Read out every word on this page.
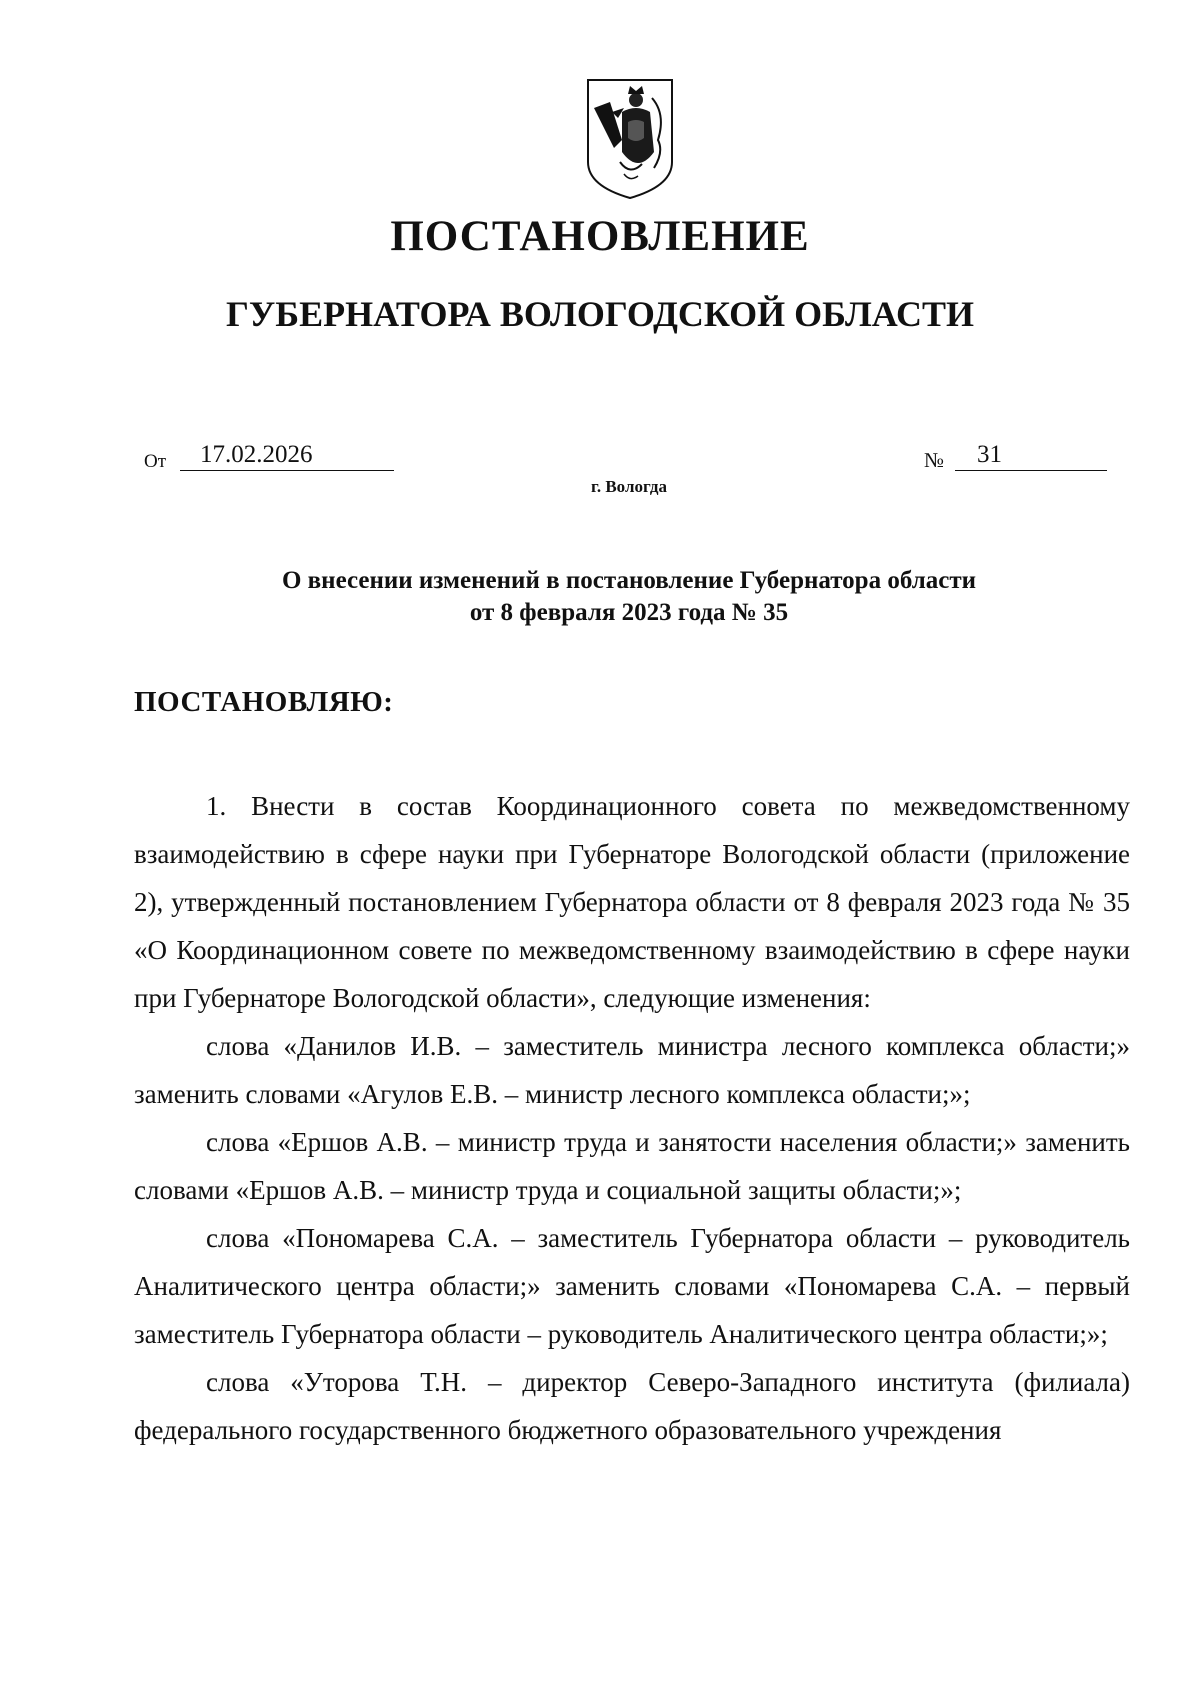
ПОСТАНОВЛЕНИЕ
ГУБЕРНАТОРА ВОЛОГОДСКОЙ ОБЛАСТИ
От	17.02.2026	№	31
г. Вологда
О внесении изменений в постановление Губернатора области
от 8 февраля 2023 года № 35
ПОСТАНОВЛЯЮ:

1. Внести в состав Координационного совета по межведомственному взаимодействию в сфере науки при Губернаторе Вологодской области (приложение 2), утвержденный постановлением Губернатора области от 8 февраля 2023 года № 35 «О Координационном совете по межведомственному взаимодействию в сфере науки при Губернаторе Вологодской области», следующие изменения:

слова «Данилов И.В. – заместитель министра лесного комплекса области;» заменить словами «Агулов Е.В. – министр лесного комплекса области;»;

слова «Ершов А.В. – министр труда и занятости населения области;» заменить словами «Ершов А.В. – министр труда и социальной защиты области;»;

слова «Пономарева С.А. – заместитель Губернатора области – руководитель Аналитического центра области;» заменить словами «Пономарева С.А. – первый заместитель Губернатора области – руководитель Аналитического центра области;»;

слова «Уторова Т.Н. – директор Северо-Западного института (филиала) федерального государственного бюджетного образовательного учреждения
